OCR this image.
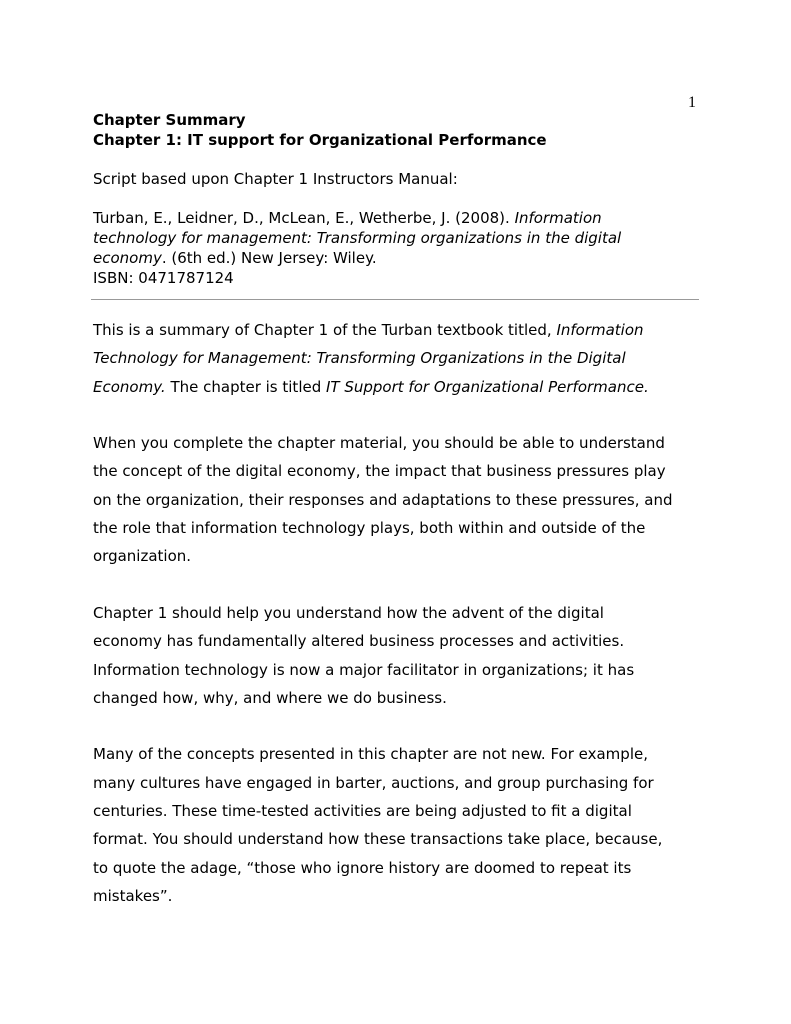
1

Chapter Summary

Chapter 1: IT support for Organizational Performance

Script based upon Chapter 1 Instructors Manual:

Turban, E., Leidner, D., McLean, E., Wetherbe, J. (2008). Information
technology for management: Transforming organizations in the digital
economy. (6th ed.) New Jersey: Wiley.
ISBN: 0471787124

This is a summary of Chapter 1 of the Turban textbook titled, Information
Technology for Management: Transforming Organizations in the Digital
Economy. The chapter is titled IT Support for Organizational Performance.

When you complete the chapter material, you should be able to understand
the concept of the digital economy, the impact that business pressures play
on the organization, their responses and adaptations to these pressures, and
the role that information technology plays, both within and outside of the
organization.

Chapter 1 should help you understand how the advent of the digital
economy has fundamentally altered business processes and activities.
Information technology is now a major facilitator in organizations; it has
changed how, why, and where we do business.

Many of the concepts presented in this chapter are not new. For example,
many cultures have engaged in barter, auctions, and group purchasing for
centuries. These time-tested activities are being adjusted to fit a digital
format. You should understand how these transactions take place, because,
to quote the adage, “those who ignore history are doomed to repeat its
mistakes”.
